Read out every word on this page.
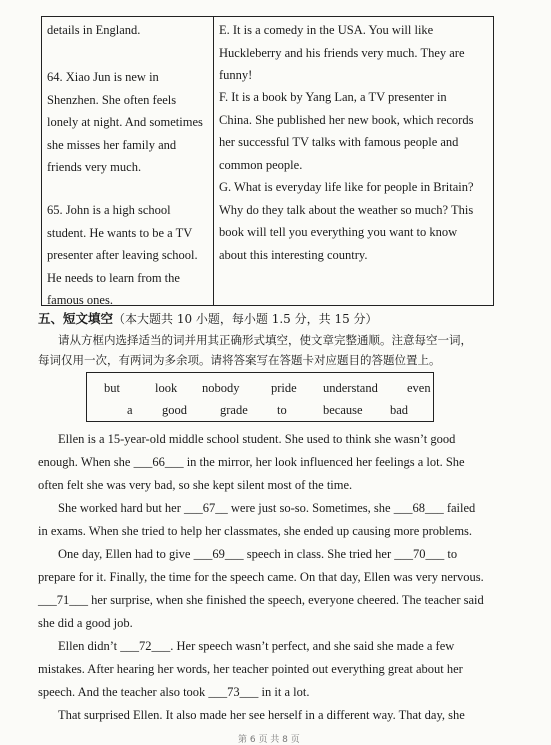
details in England.
64. Xiao Jun is new in
Shenzhen. She often feels
lonely at night. And sometimes
she misses her family and
friends very much.
65. John is a high school
student. He wants to be a TV
presenter after leaving school.
He needs to learn from the
famous ones.
E. It is a comedy in the USA. You will like
Huckleberry and his friends very much. They are
funny!
F. It is a book by Yang Lan, a TV presenter in
China. She published her new book, which records
her successful TV talks with famous people and
common people.
G. What is everyday life like for people in Britain?
Why do they talk about the weather so much? This
book will tell you everything you want to know
about this interesting country.
五、短文填空（本大题共 10 小题，每小题 1.5 分，共 15 分）
请从方框内选择适当的词并用其正确形式填空，使文章完整通顺。注意每空一词，
每词仅用一次，有两词为多余项。请将答案写在答题卡对应题目的答题位置上。
but	look nobody	pride understand even
a good	grade to	because bad
Ellen is a 15-year-old middle school student. She used to think she wasn’t good
enough. When she ___66___ in the mirror, her look influenced her feelings a lot. She
often felt she was very bad, so she kept silent most of the time.
She worked hard but her ___67__ were just so-so. Sometimes, she ___68___ failed
in exams. When she tried to help her classmates, she ended up causing more problems.
One day, Ellen had to give ___69___ speech in class. She tried her ___70___ to
prepare for it. Finally, the time for the speech came. On that day, Ellen was very nervous.
___71___ her surprise, when she finished the speech, everyone cheered. The teacher said
she did a good job.
Ellen didn’t ___72___. Her speech wasn’t perfect, and she said she made a few
mistakes. After hearing her words, her teacher pointed out everything great about her
speech. And the teacher also took ___73___ in it a lot.
That surprised Ellen. It also made her see herself in a different way. That day, she
第 6 页 共 8 页
